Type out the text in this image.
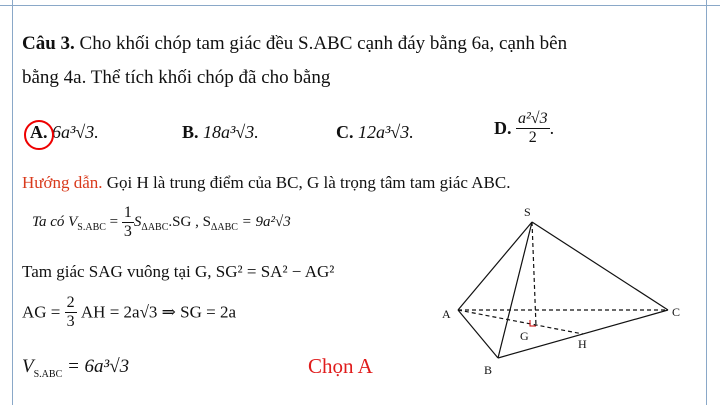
Câu 3. Cho khối chóp tam giác đều S.ABC cạnh đáy bằng 6a, cạnh bên
bằng 4a. Thể tích khối chóp đã cho bằng
A. 6a³√3.	B. 18a³√3.	C. 12a³√3.	D. $\frac{\text{a²√3}}{2}$ .
Hướng dẫn. Gọi H là trung điểm của BC, G là trọng tâm tam giác ABC.
Ta có $V_{S.ABC} = \frac{1}{3} S_{\Delta ABC}.SG$ , $S_{\Delta ABC} = 9a^2√3$
Tam giác SAG vuông tại G, SG² = SA² − AG²
AG = $\frac{2}{3}$ AH = 2a√3 ⇒ SG = 2a
$V_{S.ABC} = 6a^3√3$	Chọn A
S
A
B
C
G
H
